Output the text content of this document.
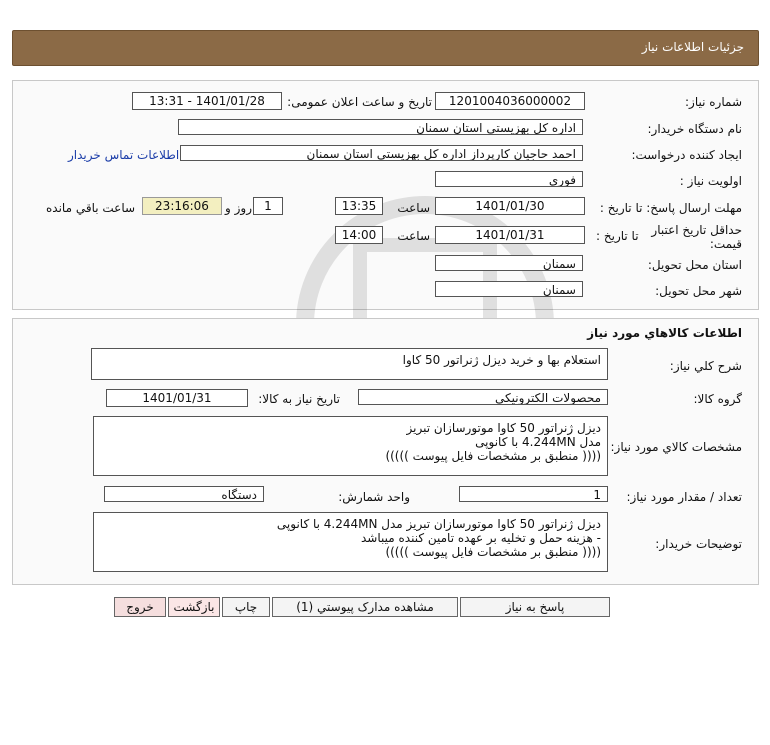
جزئیات اطلاعات نیاز
شماره نیاز:
1201004036000002
تاریخ و ساعت اعلان عمومی:
1401/01/28 - 13:31
نام دستگاه خریدار:
اداره کل بهزیستی استان سمنان
ایجاد کننده درخواست:
احمد حاجیان کارپرداز اداره کل بهزیستی استان سمنان
اطلاعات تماس خریدار
اولویت نیاز :
فوري
مهلت ارسال پاسخ: تا تاریخ :
1401/01/30
ساعت
13:35
1
روز و
23:16:06
ساعت باقي مانده
حداقل تاریخ اعتبار
قیمت:
تا تاریخ :
1401/01/31
ساعت
14:00
استان محل تحویل:
سمنان
شهر محل تحویل:
سمنان
اطلاعات کالاهاي مورد نیاز
شرح کلي نیاز:
استعلام بها و خرید دیزل ژنراتور 50 کاوا
گروه کالا:
محصولات الکترونیکی
تاریخ نیاز به کالا:
1401/01/31
مشخصات کالاي مورد نیاز:
دیزل ژنراتور 50 کاوا موتورسازان تبریز
مدل 4.244MN با کانوپی
(((( منطبق بر مشخصات فایل پیوست )))))
تعداد / مقدار مورد نیاز:
1
واحد شمارش:
دستگاه
توضیحات خریدار:
دیزل ژنراتور 50 کاوا موتورسازان تبریز مدل 4.244MN با کانوپی
- هزینه حمل و تخلیه بر عهده تامین کننده میباشد
(((( منطبق بر مشخصات فایل پیوست )))))
پاسخ به نیاز
مشاهده مدارک پیوستي (1)
چاپ
بازگشت
خروج
